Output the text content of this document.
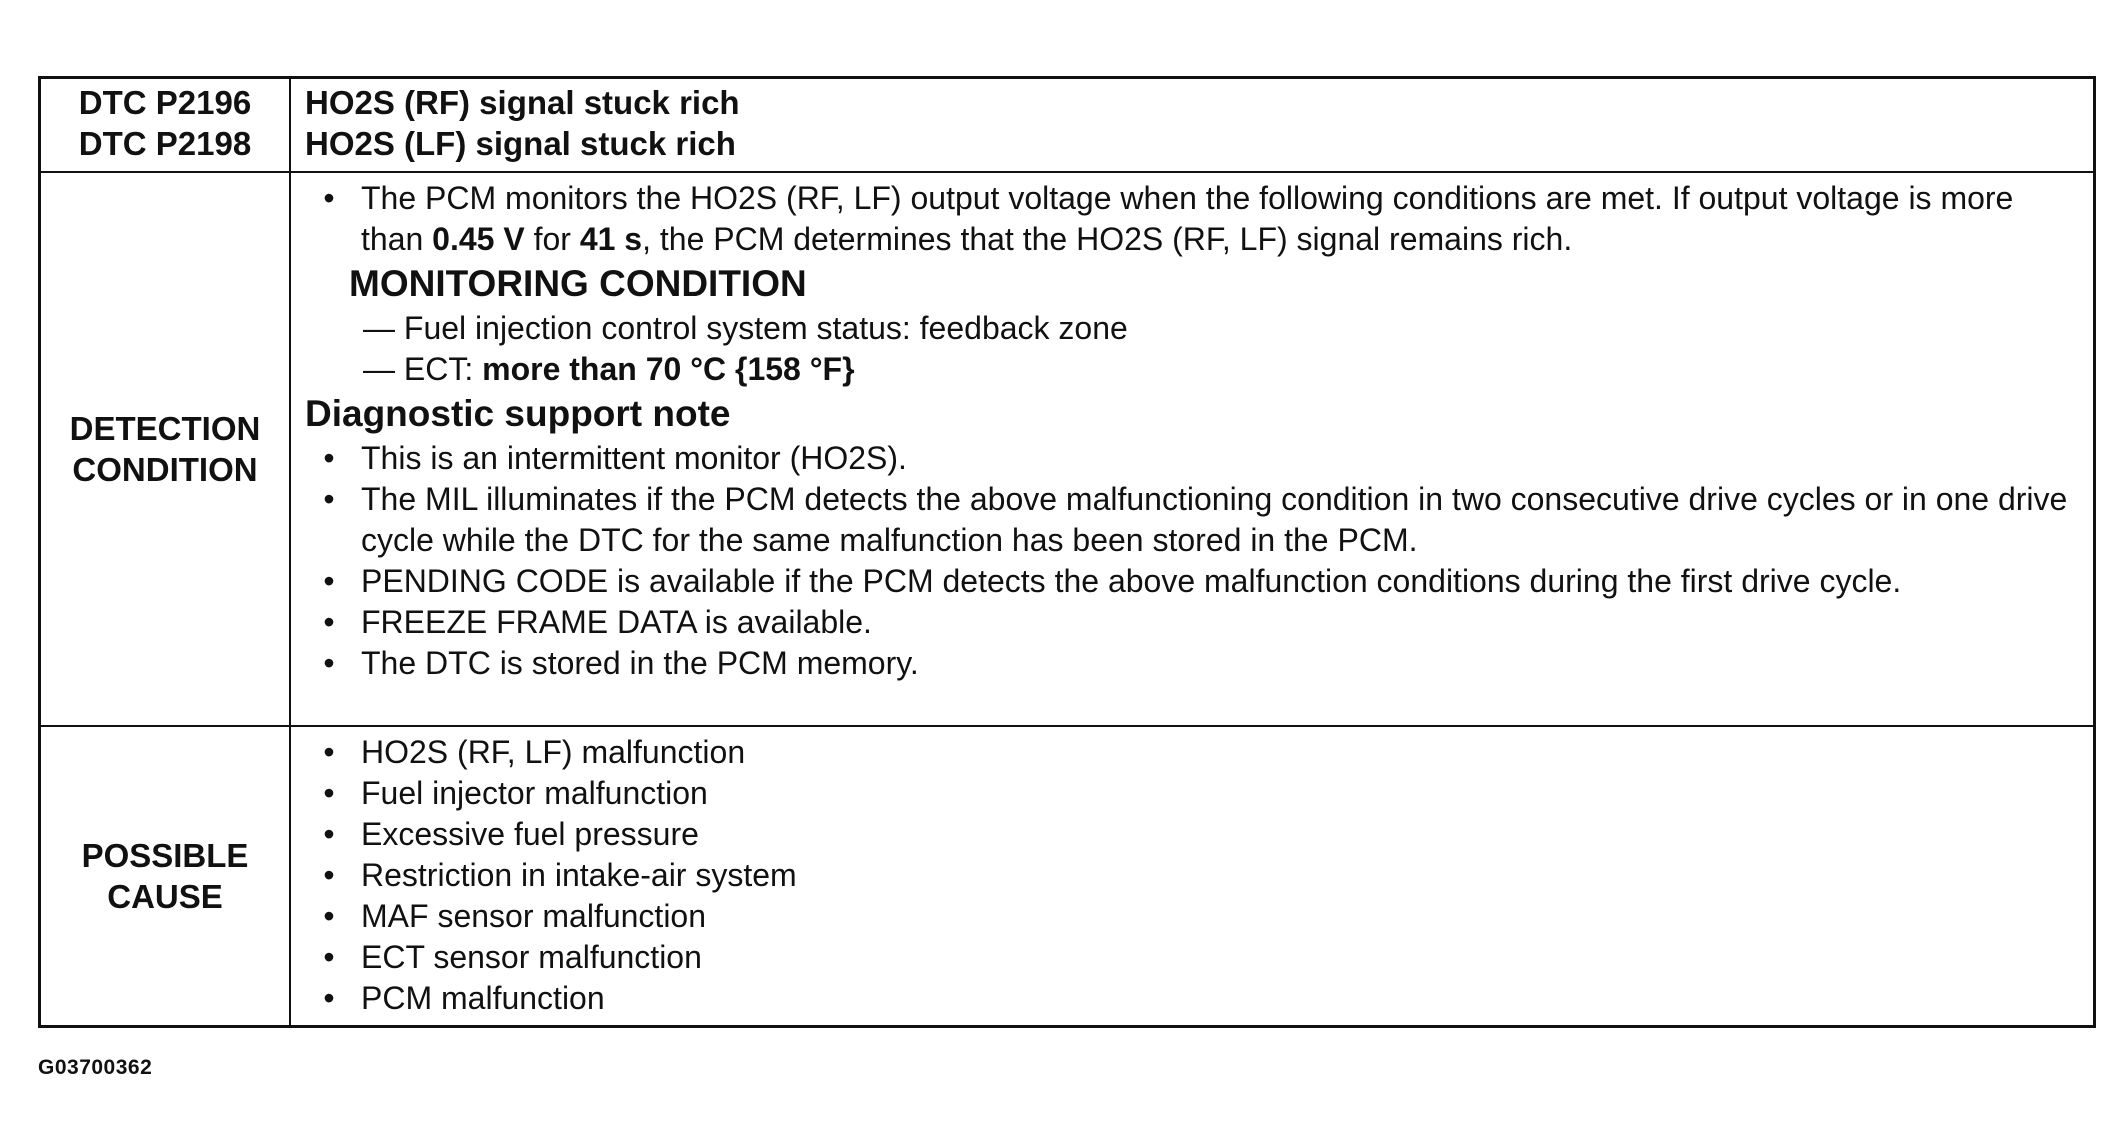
DTC P2196
DTC P2198
HO2S (RF) signal stuck rich
HO2S (LF) signal stuck rich
DETECTION
CONDITION
• The PCM monitors the HO2S (RF, LF) output voltage when the following conditions are met. If output voltage is more than 0.45 V for 41 s, the PCM determines that the HO2S (RF, LF) signal remains rich.
MONITORING CONDITION
— Fuel injection control system status: feedback zone
— ECT: more than 70 °C {158 °F}
Diagnostic support note
• This is an intermittent monitor (HO2S).
• The MIL illuminates if the PCM detects the above malfunctioning condition in two consecutive drive cycles or in one drive cycle while the DTC for the same malfunction has been stored in the PCM.
• PENDING CODE is available if the PCM detects the above malfunction conditions during the first drive cycle.
• FREEZE FRAME DATA is available.
• The DTC is stored in the PCM memory.
POSSIBLE
CAUSE
• HO2S (RF, LF) malfunction
• Fuel injector malfunction
• Excessive fuel pressure
• Restriction in intake-air system
• MAF sensor malfunction
• ECT sensor malfunction
• PCM malfunction
G03700362
